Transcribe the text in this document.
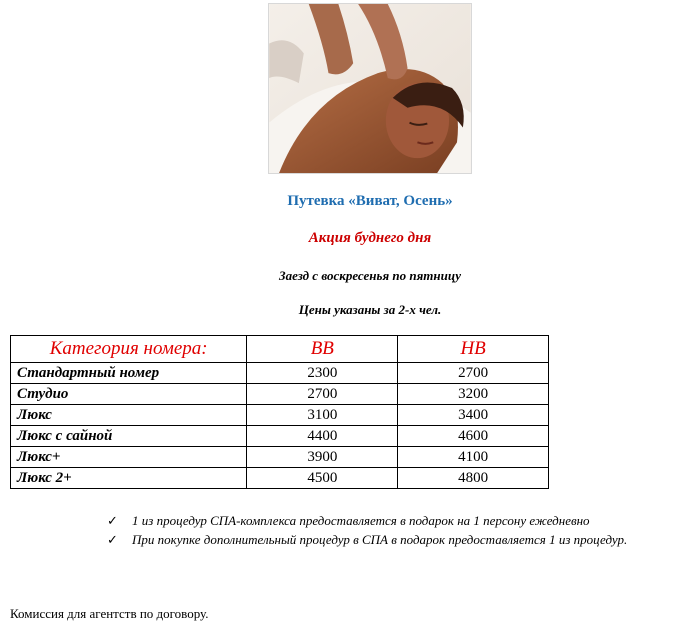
Путевка «Виват, Осень»
Акция буднего дня
Заезд с воскресенья по пятницу
Цены указаны за 2-х чел.
Категория номера:	BB	HB
Стандартный номер	2300	2700
Студио	2700	3200
Люкс	3100	3400
Люкс с сайной	4400	4600
Люкс+	3900	4100
Люкс 2+	4500	4800
✓ 1 из процедур СПА-комплекса предоставляется в подарок на 1 персону ежедневно
✓ При покупке дополнительный процедур в СПА в подарок предоставляется 1 из процедур.
Комиссия для агентств по договору.
